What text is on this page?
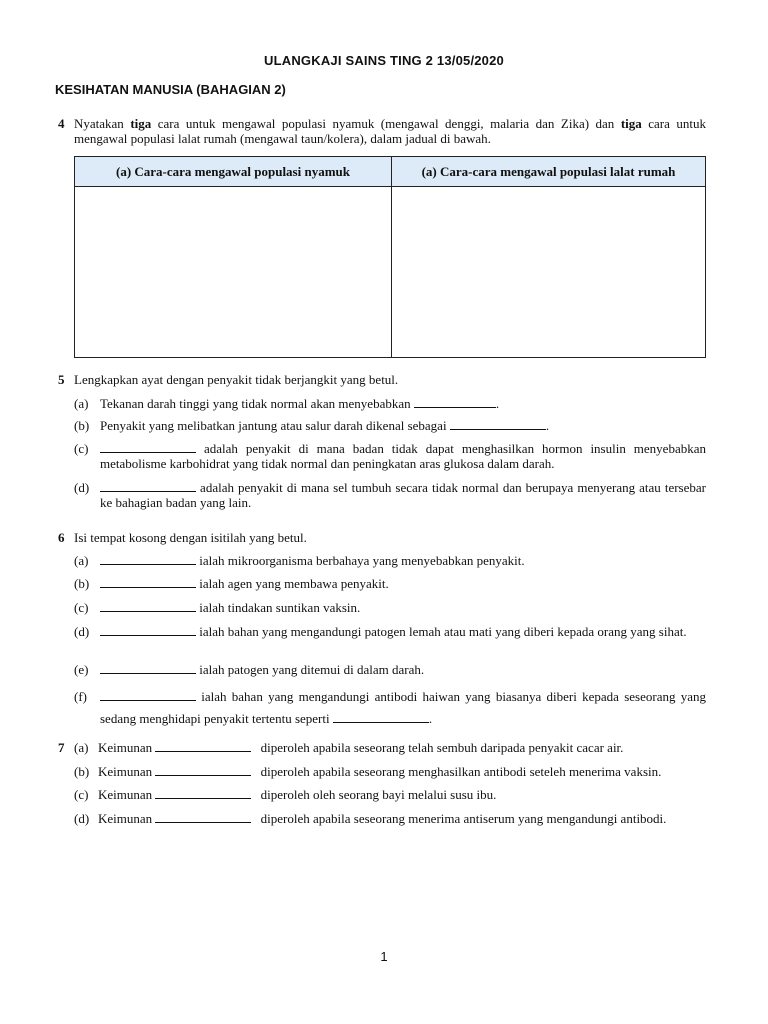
ULANGKAJI SAINS TING 2 13/05/2020
KESIHATAN MANUSIA (BAHAGIAN 2)
4 Nyatakan tiga cara untuk mengawal populasi nyamuk (mengawal denggi, malaria dan Zika) dan tiga cara untuk mengawal populasi lalat rumah (mengawal taun/kolera), dalam jadual di bawah.
(a) Cara-cara mengawal populasi nyamuk	(a) Cara-cara mengawal populasi lalat rumah

5 Lengkapkan ayat dengan penyakit tidak berjangkit yang betul.
(a) Tekanan darah tinggi yang tidak normal akan menyebabkan	.
(b) Penyakit yang melibatkan jantung atau salur darah dikenal sebagai	.
(c)	adalah penyakit di mana badan tidak dapat menghasilkan hormon insulin menyebabkan metabolisme karbohidrat yang tidak normal dan peningkatan aras glukosa dalam darah.
(d)	adalah penyakit di mana sel tumbuh secara tidak normal dan berupaya menyerang atau tersebar ke bahagian badan yang lain.
6 Isi tempat kosong dengan isitilah yang betul.
(a)	ialah mikroorganisma berbahaya yang menyebabkan penyakit.
(b)	ialah agen yang membawa penyakit.
(c)	ialah tindakan suntikan vaksin.
(d)	ialah bahan yang mengandungi patogen lemah atau mati yang diberi kepada orang yang sihat.
(e)	ialah patogen yang ditemui di dalam darah.
(f)	ialah bahan yang mengandungi antibodi haiwan yang biasanya diberi kepada seseorang yang sedang menghidapi penyakit tertentu seperti	.
7 (a) Keimunan	diperoleh apabila seseorang telah sembuh daripada penyakit cacar air.
(b) Keimunan	diperoleh apabila seseorang menghasilkan antibodi seteleh menerima vaksin.
(c) Keimunan	diperoleh oleh seorang bayi melalui susu ibu.
(d) Keimunan	diperoleh apabila seseorang menerima antiserum yang mengandungi antibodi.
1
